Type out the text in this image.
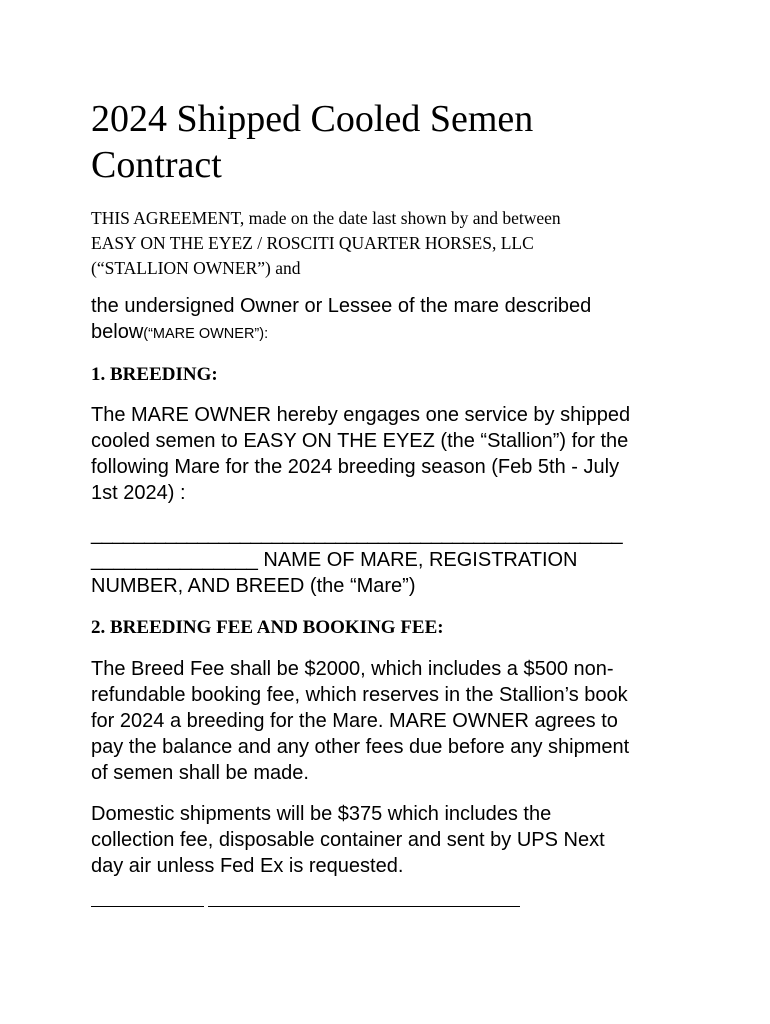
2024 Shipped Cooled Semen
Contract

THIS AGREEMENT, made on the date last shown by and between
EASY ON THE EYEZ / ROSCITI QUARTER HORSES, LLC
(“STALLION OWNER”) and

the undersigned Owner or Lessee of the mare described
below(“MARE OWNER”):

1. BREEDING:

The MARE OWNER hereby engages one service by shipped
cooled semen to EASY ON THE EYEZ (the “Stallion”) for the
following Mare for the 2024 breeding season (Feb 5th - July
1st 2024) :

__________________________________________________

_______________ NAME OF MARE, REGISTRATION
NUMBER, AND BREED (the “Mare”)

2. BREEDING FEE AND BOOKING FEE:

The Breed Fee shall be $2000, which includes a $500 non-
refundable booking fee, which reserves in the Stallion’s book
for 2024 a breeding for the Mare. MARE OWNER agrees to
pay the balance and any other fees due before any shipment
of semen shall be made.

Domestic shipments will be $375 which includes the
collection fee, disposable container and sent by UPS Next
day air unless Fed Ex is requested.
